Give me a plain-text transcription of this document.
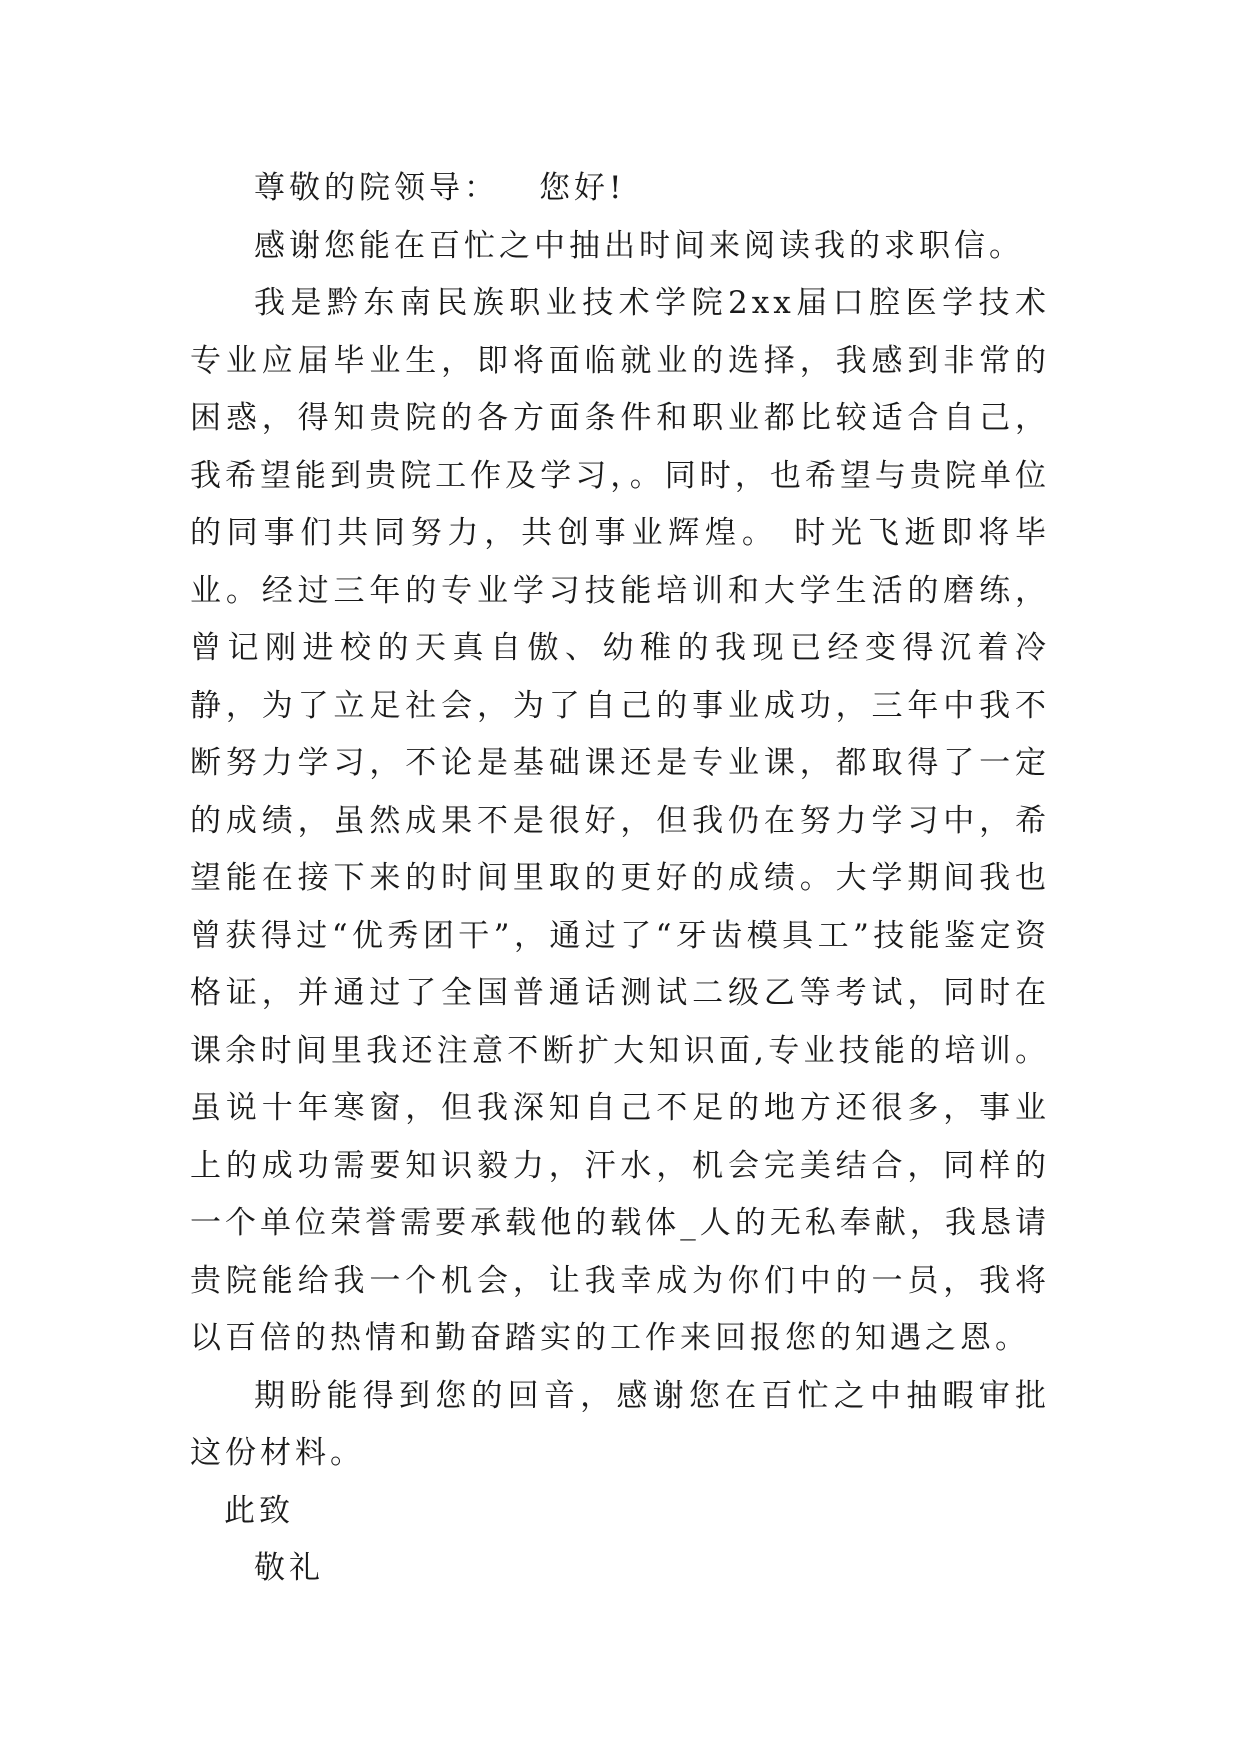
尊敬的院领导： 您好!

感谢您能在百忙之中抽出时间来阅读我的求职信。

我是黔东南民族职业技术学院2xx届口腔医学技术专业应届毕业生，即将面临就业的选择，我感到非常的困惑，得知贵院的各方面条件和职业都比较适合自己，我希望能到贵院工作及学习，。同时，也希望与贵院单位的同事们共同努力，共创事业辉煌。 时光飞逝即将毕业。经过三年的专业学习技能培训和大学生活的磨练，曾记刚进校的天真自傲、幼稚的我现已经变得沉着冷静，为了立足社会，为了自己的事业成功，三年中我不断努力学习，不论是基础课还是专业课，都取得了一定的成绩，虽然成果不是很好，但我仍在努力学习中，希望能在接下来的时间里取的更好的成绩。大学期间我也曾获得过“优秀团干”，通过了“牙齿模具工”技能鉴定资格证，并通过了全国普通话测试二级乙等考试，同时在课余时间里我还注意不断扩大知识面,专业技能的培训。虽说十年寒窗，但我深知自己不足的地方还很多，事业上的成功需要知识毅力，汗水，机会完美结合，同样的一个单位荣誉需要承载他的载体_人的无私奉献，我恳请贵院能给我一个机会，让我幸成为你们中的一员，我将以百倍的热情和勤奋踏实的工作来回报您的知遇之恩。

期盼能得到您的回音，感谢您在百忙之中抽暇审批这份材料。

此致

敬礼
